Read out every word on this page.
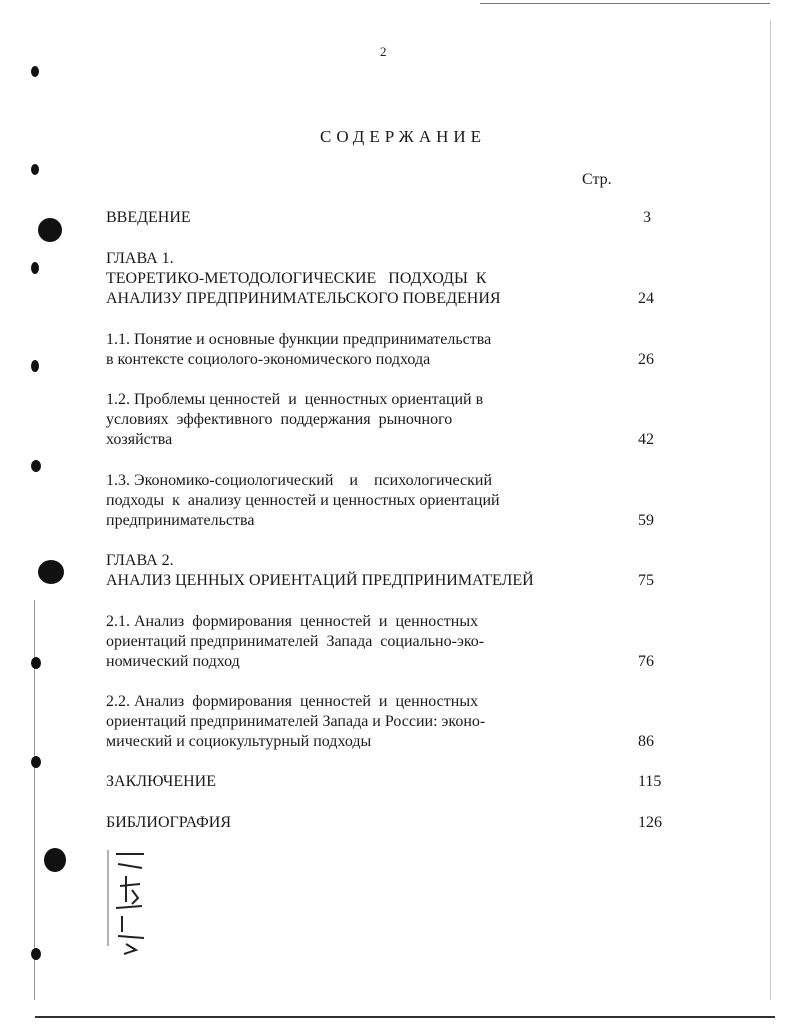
2
СОДЕРЖАНИЕ
Стр.
ВВЕДЕНИЕ	3
ГЛАВА 1.
ТЕОРЕТИКО-МЕТОДОЛОГИЧЕСКИЕ   ПОДХОДЫ  К
АНАЛИЗУ ПРЕДПРИНИМАТЕЛЬСКОГО ПОВЕДЕНИЯ	24
1.1. Понятие и основные функции предпринимательства
в контексте социолого-экономического подхода	26
1.2. Проблемы ценностей  и  ценностных ориентаций в
условиях  эффективного  поддержания  рыночного
хозяйства	42
1.3. Экономико-социологический    и    психологический
подходы  к  анализу ценностей и ценностных ориентаций
предпринимательства	59
ГЛАВА 2.
АНАЛИЗ ЦЕННЫХ ОРИЕНТАЦИЙ ПРЕДПРИНИМАТЕЛЕЙ	75
2.1. Анализ  формирования  ценностей  и  ценностных
ориентаций предпринимателей  Запада  социально-эко-
номический подход	76
2.2. Анализ  формирования  ценностей  и  ценностных
ориентаций предпринимателей Запада и России: эконо-
мический и социокультурный подходы	86
ЗАКЛЮЧЕНИЕ	115
БИБЛИОГРАФИЯ	126
